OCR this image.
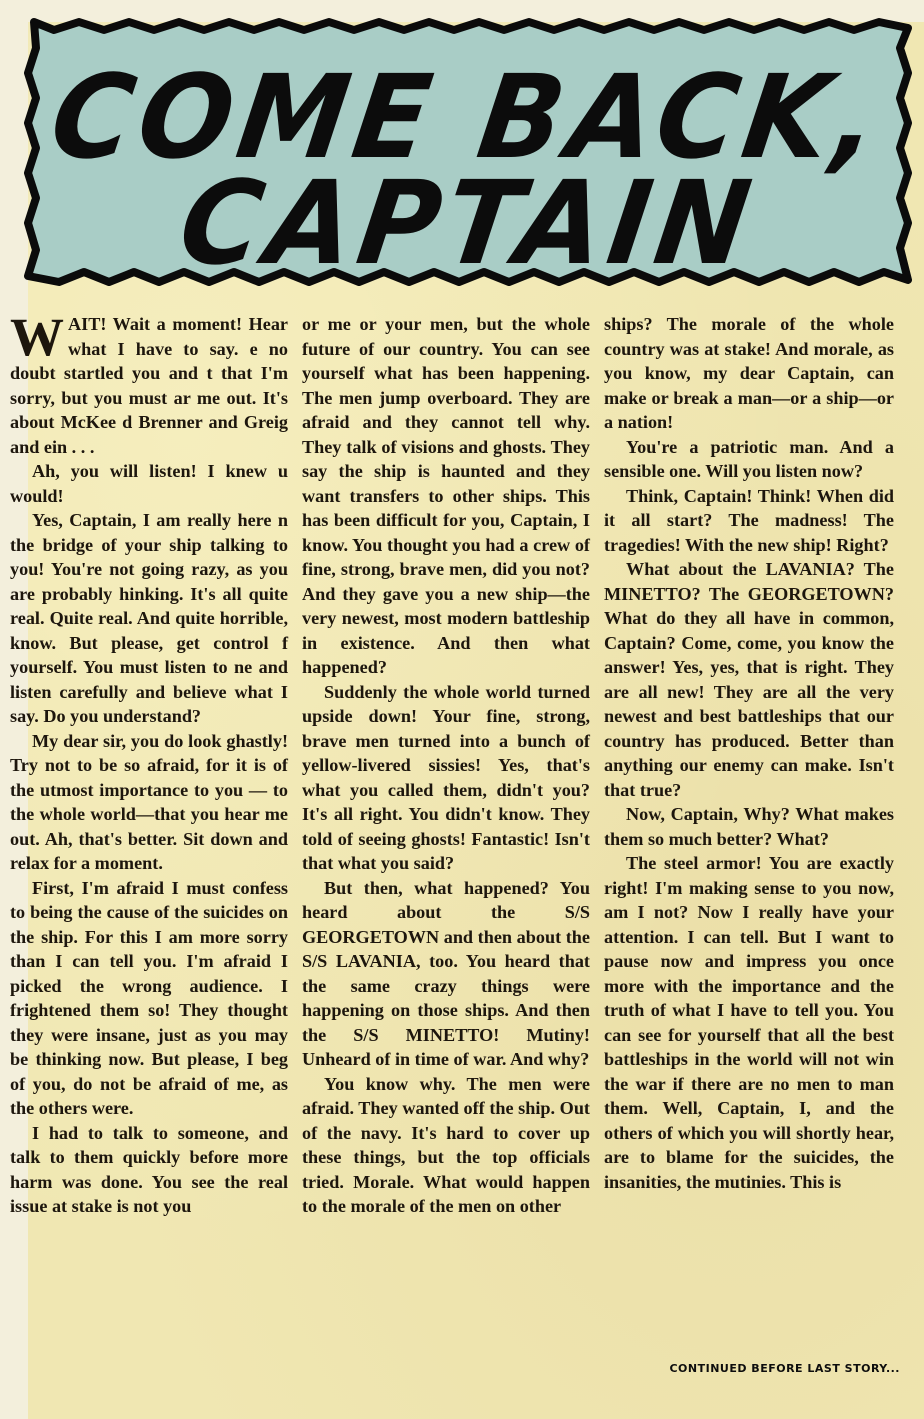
COME BACK,
CAPTAIN

WAIT! Wait a moment! Hear what I have to say. e no doubt startled you and t that I'm sorry, but you must ar me out. It's about McKee d Brenner and Greig and ein . . .

Ah, you will listen! I knew u would!

Yes, Captain, I am really here n the bridge of your ship talking to you! You're not going razy, as you are probably hinking. It's all quite real. Quite real. And quite horrible, know. But please, get control f yourself. You must listen to ne and listen carefully and believe what I say. Do you understand?

My dear sir, you do look ghastly! Try not to be so afraid, for it is of the utmost importance to you — to the whole world—that you hear me out. Ah, that's better. Sit down and relax for a moment.

First, I'm afraid I must confess to being the cause of the suicides on the ship. For this I am more sorry than I can tell you. I'm afraid I picked the wrong audience. I frightened them so! They thought they were insane, just as you may be thinking now. But please, I beg of you, do not be afraid of me, as the others were.

I had to talk to someone, and talk to them quickly before more harm was done. You see the real issue at stake is not you

or me or your men, but the whole future of our country. You can see yourself what has been happening. The men jump overboard. They are afraid and they cannot tell why. They talk of visions and ghosts. They say the ship is haunted and they want transfers to other ships. This has been difficult for you, Captain, I know. You thought you had a crew of fine, strong, brave men, did you not? And they gave you a new ship—the very newest, most modern battleship in existence. And then what happened?

Suddenly the whole world turned upside down! Your fine, strong, brave men turned into a bunch of yellow-livered sissies! Yes, that's what you called them, didn't you? It's all right. You didn't know. They told of seeing ghosts! Fantastic! Isn't that what you said?

But then, what happened? You heard about the S/S GEORGETOWN and then about the S/S LAVANIA, too. You heard that the same crazy things were happening on those ships. And then the S/S MINETTO! Mutiny! Unheard of in time of war. And why?

You know why. The men were afraid. They wanted off the ship. Out of the navy. It's hard to cover up these things, but the top officials tried. Morale. What would happen to the morale of the men on other

ships? The morale of the whole country was at stake! And morale, as you know, my dear Captain, can make or break a man—or a ship—or a nation!

You're a patriotic man. And a sensible one. Will you listen now?

Think, Captain! Think! When did it all start? The madness! The tragedies! With the new ship! Right?

What about the LAVANIA? The MINETTO? The GEORGETOWN? What do they all have in common, Captain? Come, come, you know the answer! Yes, yes, that is right. They are all new! They are all the very newest and best battleships that our country has produced. Better than anything our enemy can make. Isn't that true?

Now, Captain, Why? What makes them so much better? What?

The steel armor! You are exactly right! I'm making sense to you now, am I not? Now I really have your attention. I can tell. But I want to pause now and impress you once more with the importance and the truth of what I have to tell you. You can see for yourself that all the best battleships in the world will not win the war if there are no men to man them. Well, Captain, I, and the others of which you will shortly hear, are to blame for the suicides, the insanities, the mutinies. This is

CONTINUED BEFORE LAST STORY...
